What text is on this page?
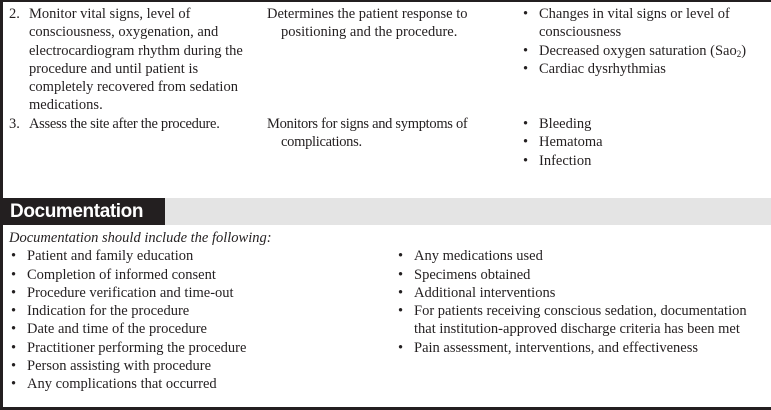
2. Monitor vital signs, level of consciousness, oxygenation, and electrocardiogram rhythm during the procedure and until patient is completely recovered from sedation medications.
Determines the patient response to positioning and the procedure.
• Changes in vital signs or level of consciousness
• Decreased oxygen saturation (Sao$_2$)
• Cardiac dysrhythmias
3. Assess the site after the procedure.	Monitors for signs and symptoms of complications.
• Bleeding
• Hematoma
• Infection
Documentation
Documentation should include the following:
• Patient and family education
• Completion of informed consent
• Procedure verification and time-out
• Indication for the procedure
• Date and time of the procedure
• Practitioner performing the procedure
• Person assisting with procedure
• Any complications that occurred
• Any medications used
• Specimens obtained
• Additional interventions
• For patients receiving conscious sedation, documentation that institution-approved discharge criteria has been met
• Pain assessment, interventions, and effectiveness
